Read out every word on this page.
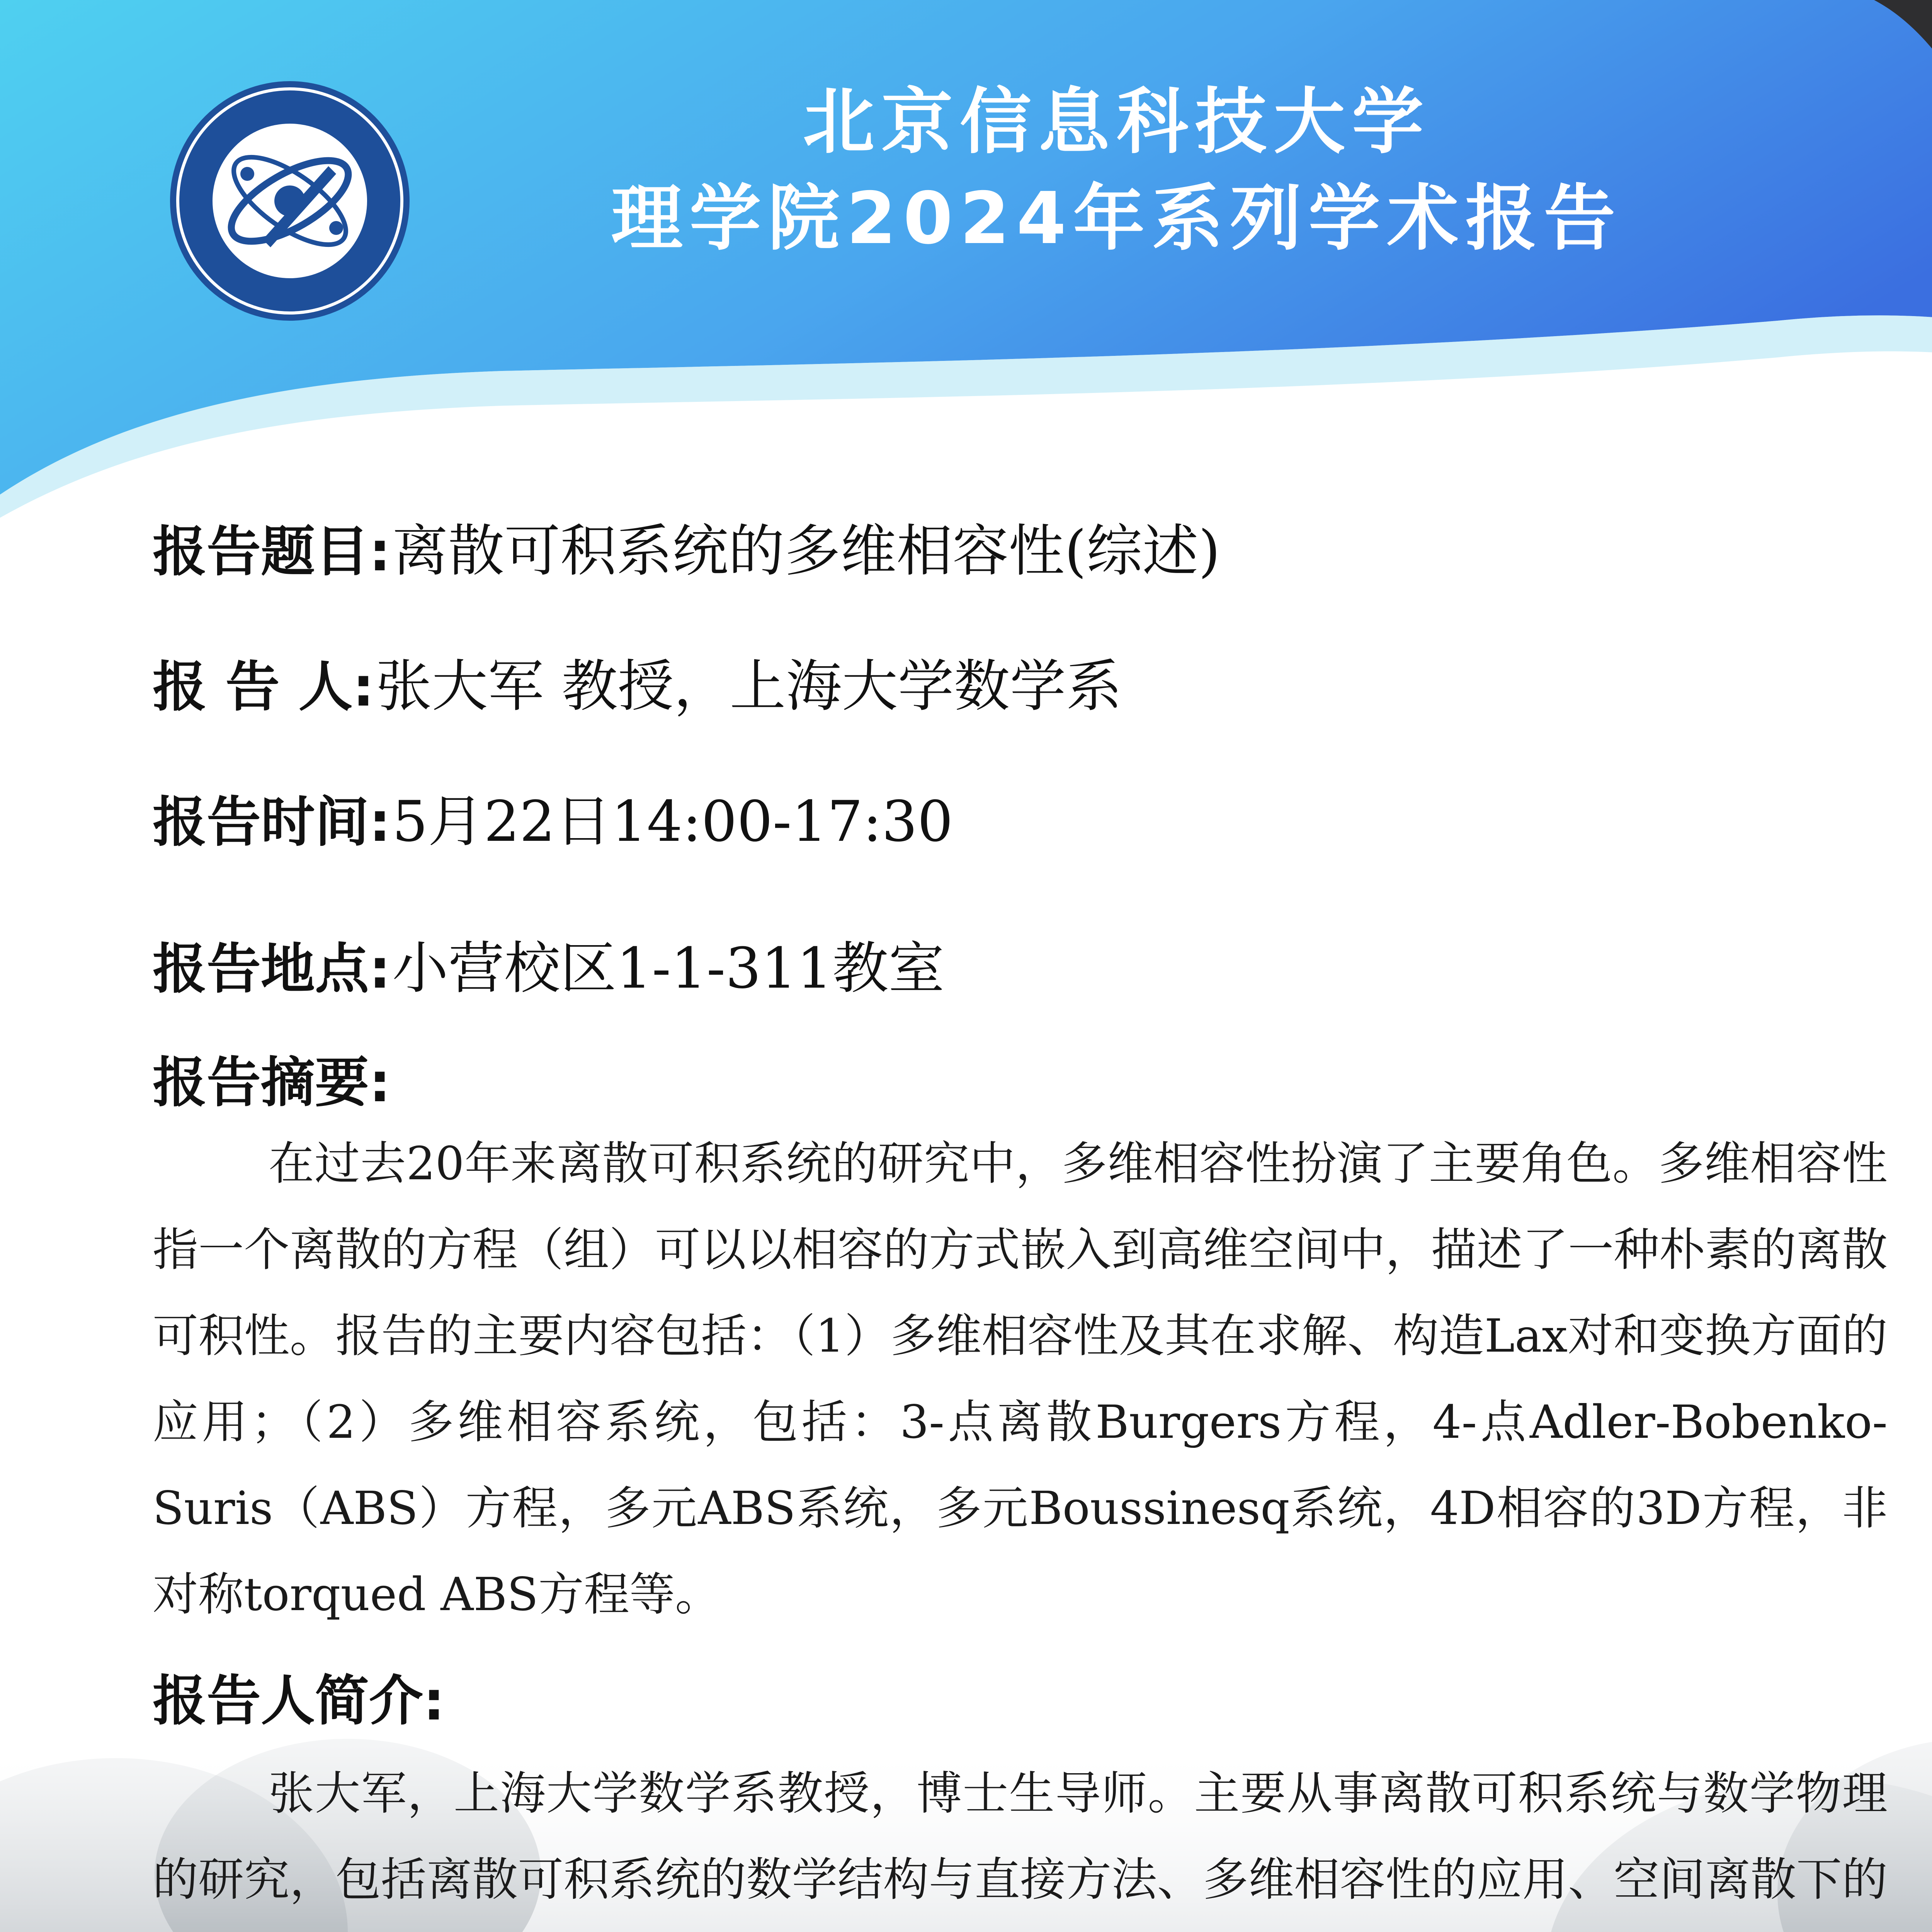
北京信息科技大学
理学院2024年系列学术报告
报告题目: 离散可积系统的多维相容性(综述)
报 告 人: 张大军 教授，上海大学数学系
报告时间: 5月22日14:00-17:30
报告地点: 小营校区1-1-311教室
报告摘要:

在过去20年来离散可积系统的研究中，多维相容性扮演了主要角色。多维相容性指一个离散的方程（组）可以以相容的方式嵌入到高维空间中，描述了一种朴素的离散可积性。报告的主要内容包括：（1）多维相容性及其在求解、构造Lax对和变换方面的应用；（2）多维相容系统，包括：3-点离散Burgers方程，4-点Adler-Bobenko-Suris（ABS）方程，多元ABS系统，多元Boussinesq系统，4D相容的3D方程，非对称torqued ABS方程等。

报告人简介:

张大军，上海大学数学系教授，博士生导师。主要从事离散可积系统与数学物理的研究，包括离散可积系统的数学结构与直接方法、多维相容性的应用、空间离散下的
